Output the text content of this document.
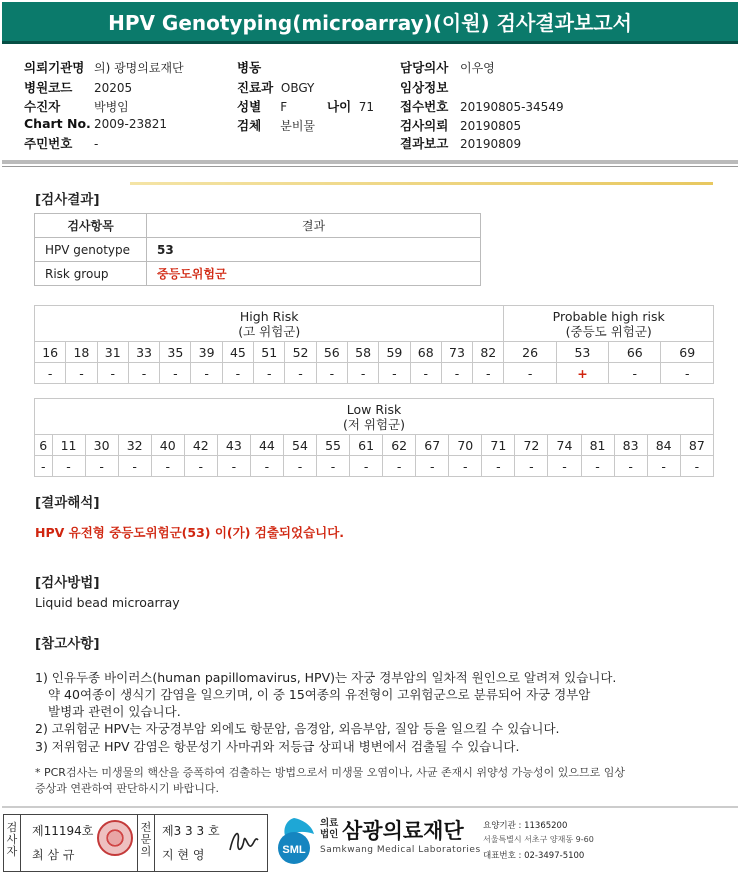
HPV Genotyping(microarray)(이원) 검사결과보고서
의뢰기관명 의) 광명의료재단
병원코드 20205
수진자	박병임
Chart No. 2009-23821
주민번호 -
병동
진료과 OBGY
성별 F	나이 71
검체 분비물
담당의사 이우영
임상정보
접수번호 20190805-34549
검사의뢰 20190805
결과보고 20190809
[검사결과]
검사항목	결과
HPV genotype	53
Risk group	중등도위험군
High Risk
(고 위험군)															Probable high risk
(중등도 위험군)			
16	18	31	33	35	39	45	51	52	56	58	59	68	73	82	26	53	66	69
-	-	-	-	-	-	-	-	-	-	-	-	-	-	-	-	+	-	-
Low Risk
(저 위험군)																				
6	11	30	32	40	42	43	44	54	55	61	62	67	70	71	72	74	81	83	84	87
-	-	-	-	-	-	-	-	-	-	-	-	-	-	-	-	-	-	-	-	-
[결과해석]
HPV 유전형 중등도위험군(53) 이(가) 검출되었습니다.
[검사방법]
Liquid bead microarray
[참고사항]
1) 인유두종 바이러스(human papillomavirus, HPV)는 자궁 경부암의 일차적 원인으로 알려져 있습니다.
약 40여종이 생식기 감염을 일으키며, 이 중 15여종의 유전형이 고위험군으로 분류되어 자궁 경부암
발병과 관련이 있습니다.
2) 고위험군 HPV는 자궁경부암 외에도 항문암, 음경암, 외음부암, 질암 등을 일으킬 수 있습니다.
3) 저위험군 HPV 감염은 항문성기 사마귀와 저등급 상피내 병변에서 검출될 수 있습니다.
* PCR검사는 미생물의 핵산을 증폭하여 검출하는 방법으로서 미생물 오염이나, 사균 존재시 위양성 가능성이 있으므로 임상
증상과 연관하여 판단하시기 바랍니다.
검
사
자
제11194호
최 삼 규
전
문
의
제3 3 3 호
지 현 영	SML
의료법인 삼광의료재단
Samkwang Medical Laboratories
요양기관 : 11365200
서울특별시 서초구 양재동 9-60
대표번호 : 02-3497-5100
